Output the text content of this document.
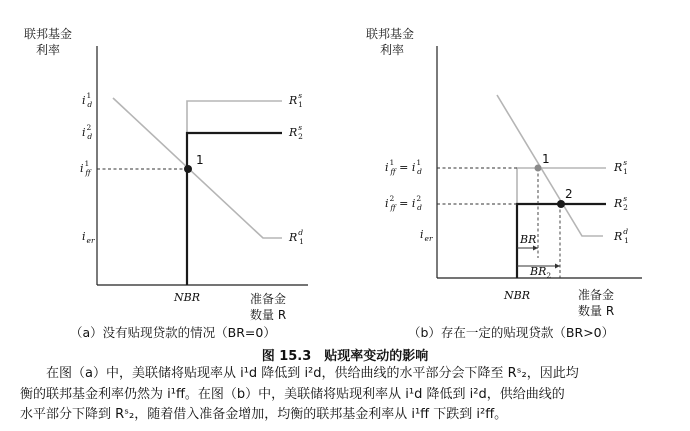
联邦基金
利率
1
$i^1$ d
$i^2$ d
$i^1$ ff
$i_{er}$
$R^s$ 1
$R^s$ 2
$R^d$ 1
NBR	准备金
数量 R
联邦基金
利率
1
2
BR
$BR_2$
$i^1$ ff = $i^1$ d
$i^2$ ff = $i^2$ d
$i_{er}$
$R^s$ 1
$R^s$ 2
$R^d$ 1
NBR	准备金
数量 R
（a）没有贴现贷款的情况（BR=0）	（b）存在一定的贴现贷款（BR>0）
图 15.3　贴现率变动的影响

在图（a）中，美联储将贴现率从 i¹d 降低到 i²d，供给曲线的水平部分会下降至 Rˢ₂，因此均

衡的联邦基金利率仍然为 i¹ff。在图（b）中，美联储将贴现利率从 i¹d 降低到 i²d，供给曲线的

水平部分下降到 Rˢ₂，随着借入准备金增加，均衡的联邦基金利率从 i¹ff 下跌到 i²ff。
